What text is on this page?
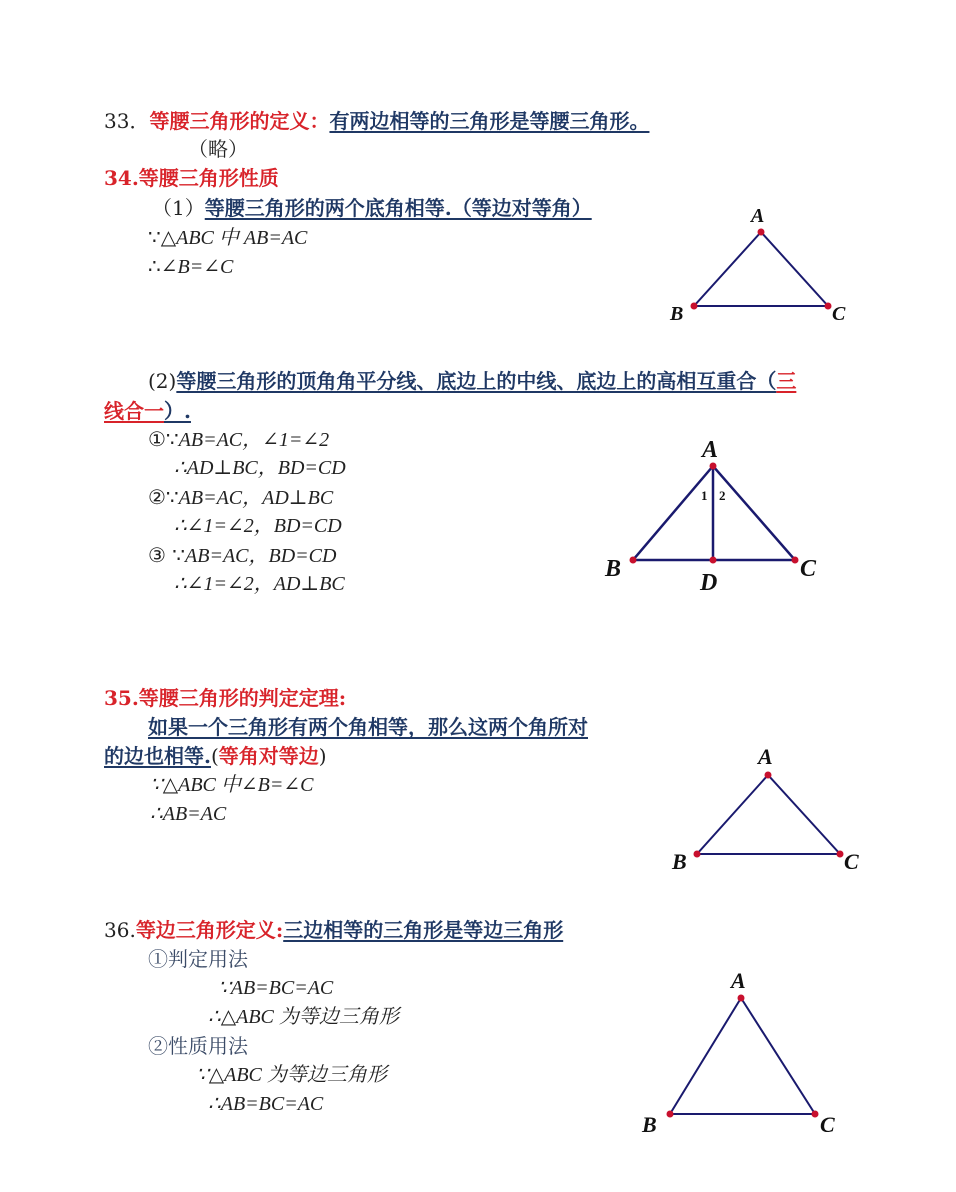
33．等腰三角形的定义：有两边相等的三角形是等腰三角形。
（略）
34.等腰三角形性质
（1）等腰三角形的两个底角相等.（等边对等角）
∵△ABC 中 AB=AC
∴∠B=∠C
A
B	C
(2)等腰三角形的顶角角平分线、底边上的中线、底边上的高相互重合（三
线合一）.
①∵AB=AC，∠1=∠2
∴AD⊥BC，BD=CD
②∵AB=AC，AD⊥BC
∴∠1=∠2，BD=CD
③ ∵AB=AC，BD=CD
∴∠1=∠2，AD⊥BC
A
B	C
D
1 2
35.等腰三角形的判定定理:
如果一个三角形有两个角相等，那么这两个角所对
的边也相等.(等角对等边)
∵△ABC 中∠B=∠C
∴AB=AC
A
B	C
36.等边三角形定义:三边相等的三角形是等边三角形
①判定用法
∵AB=BC=AC
∴△ABC 为等边三角形
②性质用法
∵△ABC 为等边三角形
∴AB=BC=AC
A
B	C
